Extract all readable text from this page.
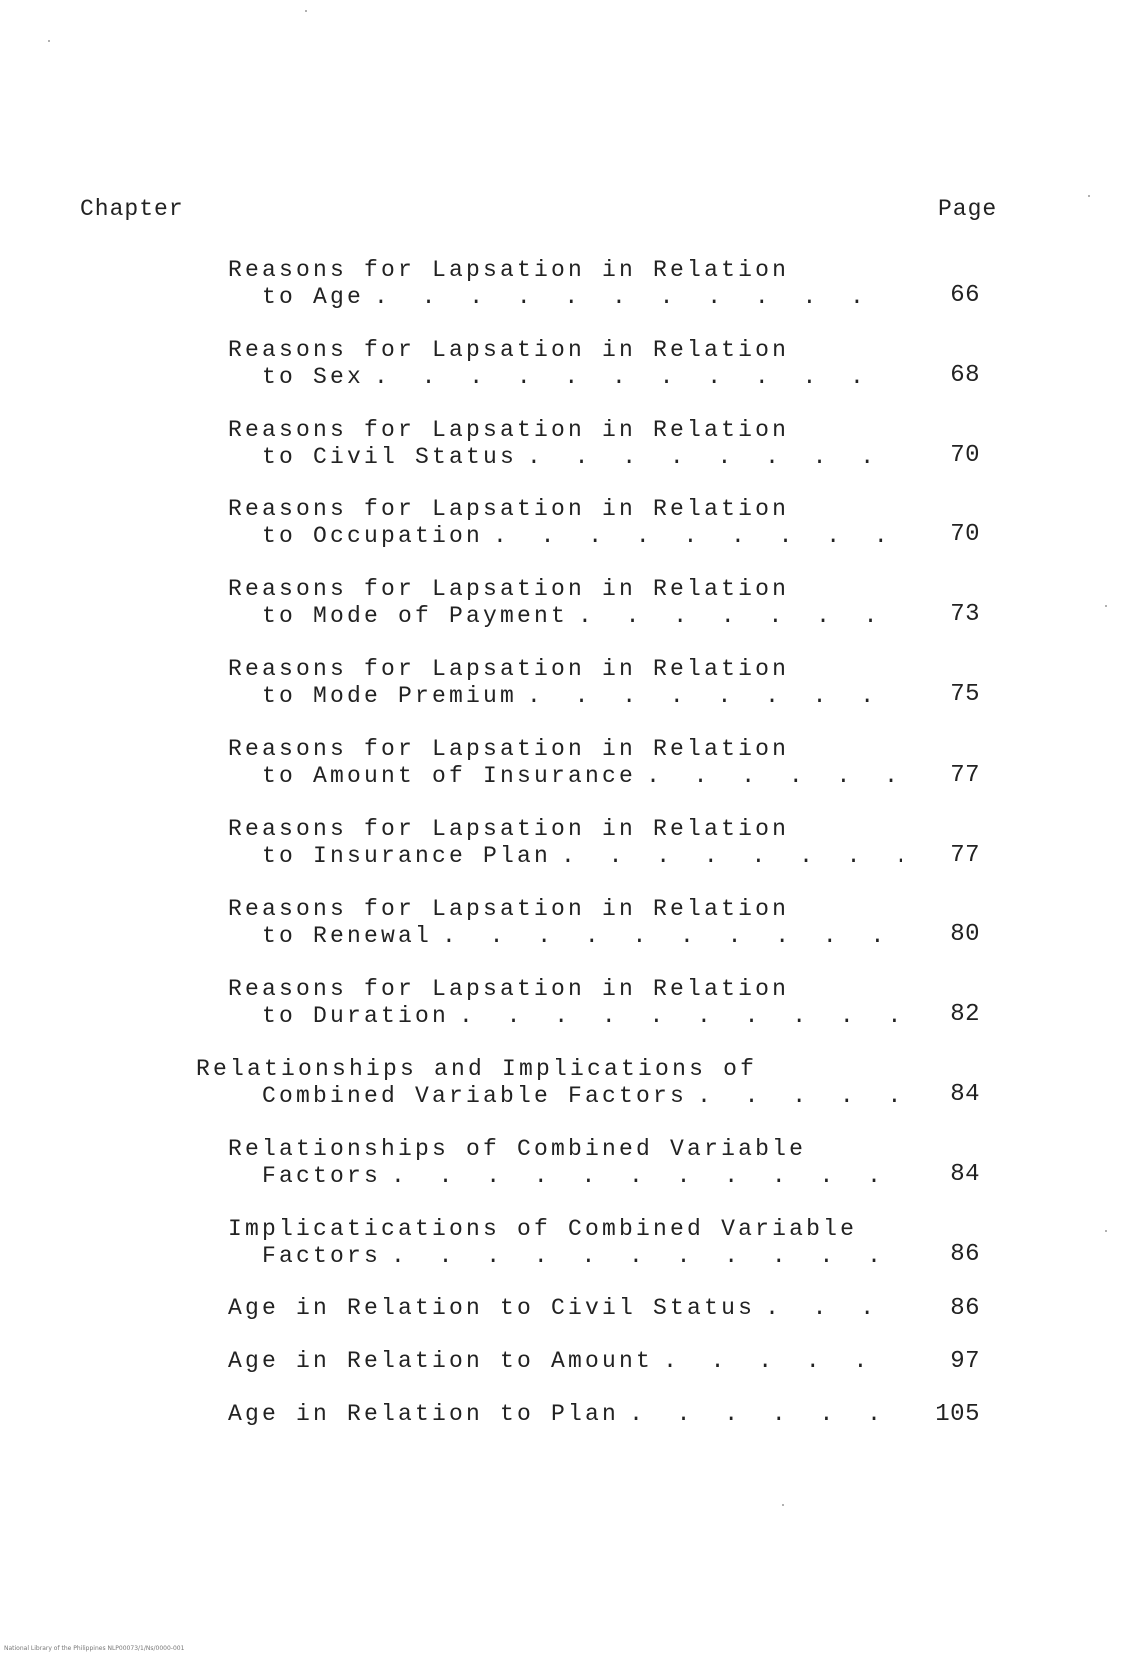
Chapter	Page
Reasons for Lapsation in Relation
to Age . . .	66
Reasons for Lapsation in Relation
to Sex . . .	68
Reasons for Lapsation in Relation
to Civil Status . . .	70
Reasons for Lapsation in Relation
to Occupation . . .	70
Reasons for Lapsation in Relation
to Mode of Payment . . .	73
Reasons for Lapsation in Relation
to Mode Premium . . .	75
Reasons for Lapsation in Relation
to Amount of Insurance . . .	77
Reasons for Lapsation in Relation
to Insurance Plan . . .	77
Reasons for Lapsation in Relation
to Renewal . . .	80
Reasons for Lapsation in Relation
to Duration . . .	82
Relationships and Implications of
Combined Variable Factors . . .	84
Relationships of Combined Variable
Factors . . .	84
Implicatications of Combined Variable
Factors . . .	86
Age in Relation to Civil Status . . .	86
Age in Relation to Amount . . .	97
Age in Relation to Plan . . .	105
National Library of the Philippines NLP00073/1/Ns/0000-001
